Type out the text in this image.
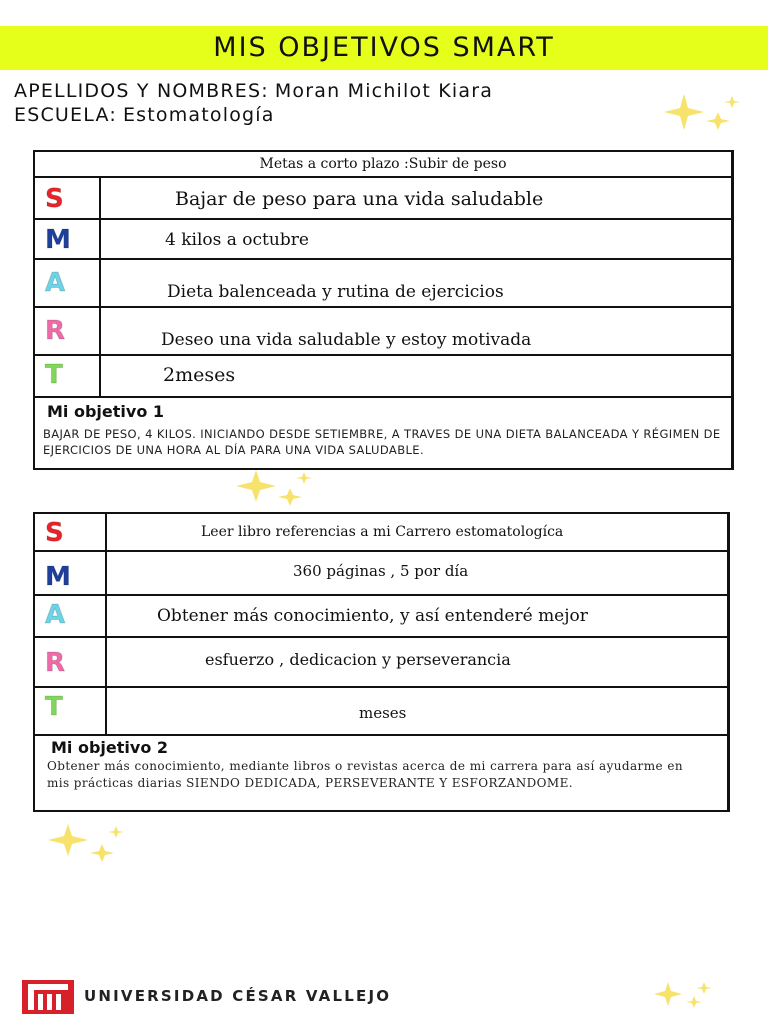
MIS OBJETIVOS SMART
APELLIDOS Y NOMBRES: Moran Michilot Kiara
ESCUELA: Estomatología
Metas a corto plazo :Subir de peso
S	Bajar de peso para una vida saludable
M	4 kilos a octubre
A	Dieta balenceada y rutina de ejercicios
R	Deseo una vida saludable y estoy motivada
T	2meses
Mi objetivo 1
BAJAR DE PESO, 4 KILOS. INICIANDO DESDE SETIEMBRE, A TRAVES DE UNA DIETA BALANCEADA Y RÉGIMEN DE EJERCICIOS DE UNA HORA AL DÍA PARA UNA VIDA SALUDABLE.
S	Leer libro referencias a mi Carrero estomatologíca
M	360 páginas , 5 por día
A	Obtener más conocimiento, y así entenderé mejor
R	esfuerzo , dedicacion y perseverancia
T	meses
Mi objetivo 2
Obtener más conocimiento, mediante libros o revistas acerca de mi carrera para así ayudarme en mis prácticas diarias SIENDO DEDICADA, PERSEVERANTE Y ESFORZANDOME.
UNIVERSIDAD CÉSAR VALLEJO
